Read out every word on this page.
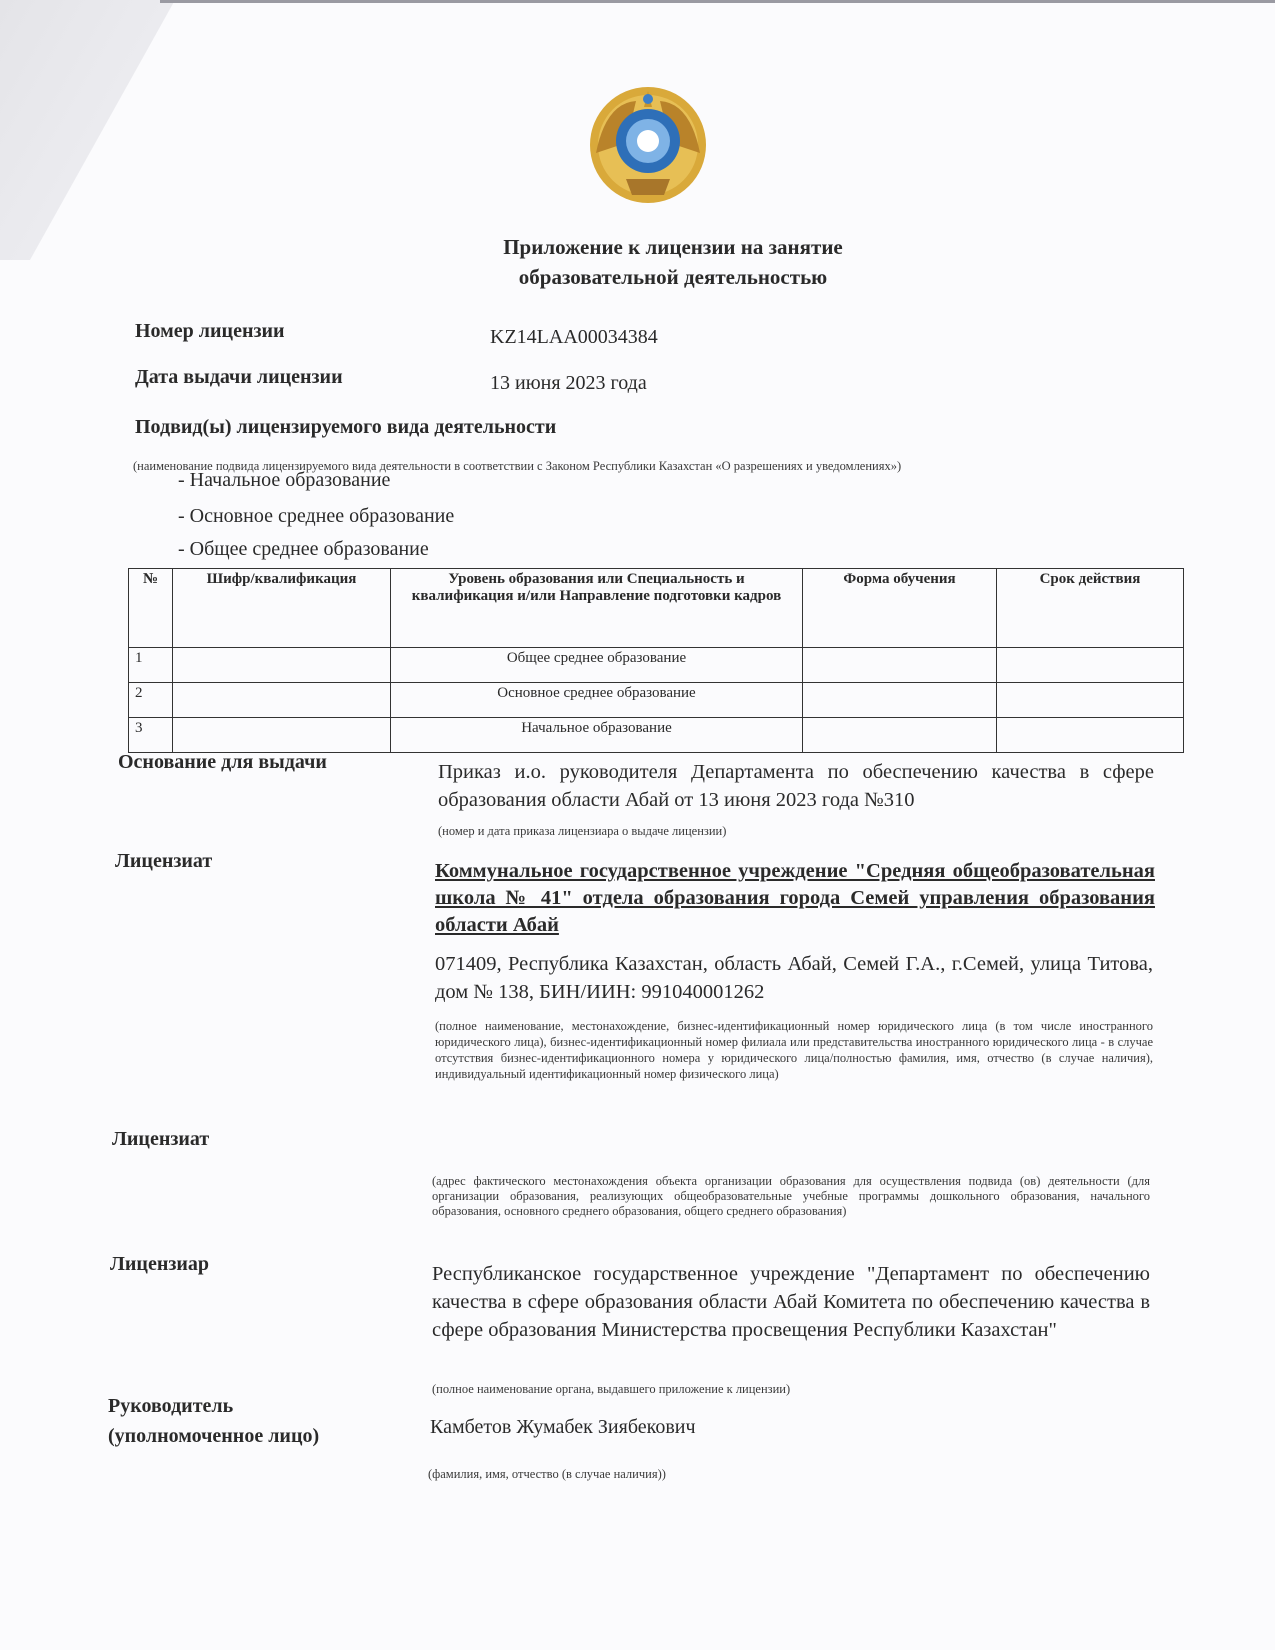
Приложение к лицензии на занятие
образовательной деятельностью
Номер лицензии	KZ14LAA00034384
Дата выдачи лицензии	13 июня 2023 года
Подвид(ы) лицензируемого вида деятельности
(наименование подвида лицензируемого вида деятельности в соответствии с Законом Республики Казахстан «О разрешениях и уведомлениях»)
- Начальное образование
- Основное среднее образование
- Общее среднее образование
№	Шифр/квалификация	Уровень образования или Специальность и квалификация и/или Направление подготовки кадров	Форма обучения	Срок действия
1		Общее среднее образование		
2		Основное среднее образование		
3		Начальное образование		
Основание для выдачи	Приказ и.о. руководителя Департамента по обеспечению качества в сфере образования области Абай от 13 июня 2023 года №310
(номер и дата приказа лицензиара о выдаче лицензии)
Лицензиат	Коммунальное государственное учреждение "Средняя общеобразовательная школа № 41" отдела образования города Семей управления образования области Абай
071409, Республика Казахстан, область Абай, Семей Г.А., г.Семей, улица Титова, дом № 138, БИН/ИИН: 991040001262
(полное наименование, местонахождение, бизнес-идентификационный номер юридического лица (в том числе иностранного юридического лица), бизнес-идентификационный номер филиала или представительства иностранного юридического лица - в случае отсутствия бизнес-идентификационного номера у юридического лица/полностью фамилия, имя, отчество (в случае наличия), индивидуальный идентификационный номер физического лица)
Лицензиат
(адрес фактического местонахождения объекта организации образования для осуществления подвида (ов) деятельности (для организации образования, реализующих общеобразовательные учебные программы дошкольного образования, начального образования, основного среднего образования, общего среднего образования)
Лицензиар	Республиканское государственное учреждение "Департамент по обеспечению качества в сфере образования области Абай Комитета по обеспечению качества в сфере образования Министерства просвещения Республики Казахстан"
(полное наименование органа, выдавшего приложение к лицензии)
Руководитель
(уполномоченное лицо)	Камбетов Жумабек Зиябекович
(фамилия, имя, отчество (в случае наличия))
